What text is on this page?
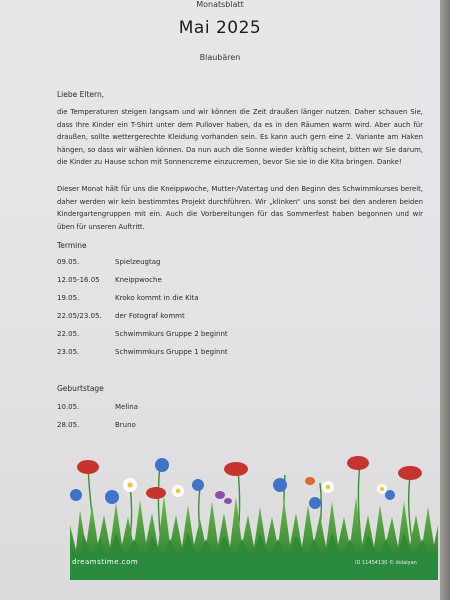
Monatsblatt
Mai 2025
Blaubären
Liebe Eltern,
die Temperaturen steigen langsam und wir können die Zeit draußen länger nutzen. Daher schauen Sie, dass Ihre Kinder ein T-Shirt unter dem Pullover haben, da es in den Räumen warm wird. Aber auch für draußen, sollte wettergerechte Kleidung vorhanden sein. Es kann auch gern eine 2. Variante am Haken hängen, so dass wir wählen können. Da nun auch die Sonne wieder kräftig scheint, bitten wir Sie darum, die Kinder zu Hause schon mit Sonnencreme einzucremen, bevor Sie sie in die Kita bringen. Danke!
Dieser Monat hält für uns die Kneippwoche, Mutter-/Vatertag und den Beginn des Schwimmkurses bereit, daher werden wir kein bestimmtes Projekt durchführen. Wir „klinken“ uns sonst bei den anderen beiden Kindergartengruppen mit ein. Auch die Vorbereitungen für das Sommerfest haben begonnen und wir üben für unseren Auftritt.
Termine
09.05.	Spielzeugtag
12.05-16.05 Kneippwoche
19.05.	Kroko kommt in die Kita
22.05/23.05. der Fotograf kommt
22.05.	Schwimmkurs Gruppe 2 beginnt
23.05.	Schwimmkurs Gruppe 1 beginnt
Geburtstage
10.05.	Melina
28.05.	Bruno
dreamstime.com	ID 11454130 © dolaiyan
